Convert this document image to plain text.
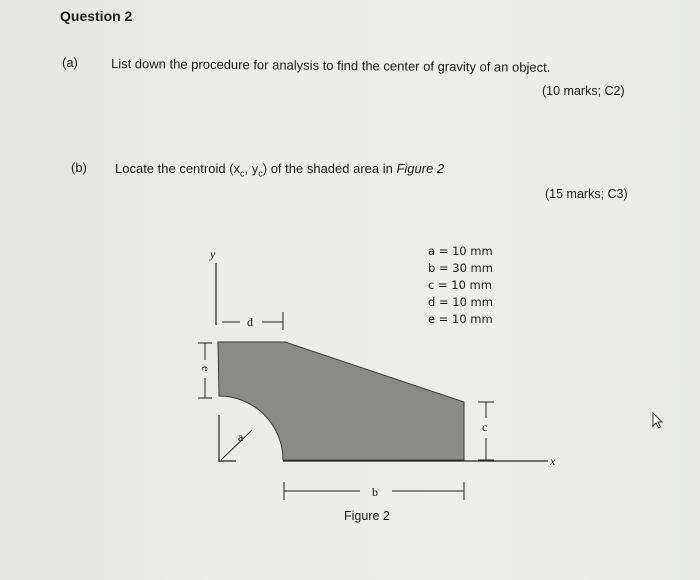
Question 2
(a)	List down the procedure for analysis to find the center of gravity of an object.
(10 marks; C2)
(b) Locate the centroid ($x_c$, $y_c$) of the shaded area in Figure 2
(15 marks; C3)
y
x
d
e
a
c
b
a = 10 mm
b = 30 mm
c = 10 mm
d = 10 mm
e = 10 mm
Figure 2
